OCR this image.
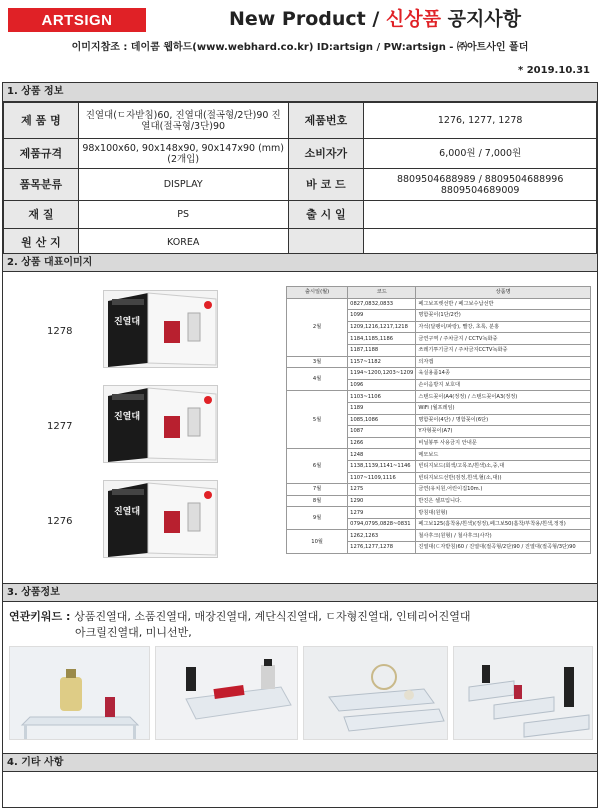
ARTSIGN	New Product / 신상품 공지사항
이미지참조 : 데이콤 웹하드(www.webhard.co.kr) ID:artsign / PW:artsign - ㈜아트사인 폴더
* 2019.10.31
1. 상품 정보
제 품 명	진열대(ㄷ자받침)60, 진열대(절곡형/2단)90 진열대(절곡형/3단)90	제품번호	1276, 1277, 1278
제품규격	98x100x60, 90x148x90, 90x147x90 (mm) (2개입)	소비자가	6,000원 / 7,000원
품목분류	DISPLAY	바 코 드	8809504688989 / 8809504688996 8809504689009
재 질	PS	출 시 일	
원 산 지	KOREA		
2. 상품 대표이미지
1278
진열대
1277
진열대
1276
진열대
출시일(월)	코드	상품명
2월	0827,0832,0833	페그보프렛선반 / 페그보수납선반
	1099	명함꽂이(1단/2칸)
	1209,1216,1217,1218	자석(달팽이/파랑), 빨강, 초록, 분홍
	1184,1185,1186	금연구역 / 주차금지 / CCTV녹화중
	1187,1188	쓰레기투기금지 / 주차금지CCTV녹화중
3월	1157~1182	의자캡
4월	1194~1200,1203~1209	육실용품14종
	1096	손이음방지 보호대
5월	1103~1106	스탠드꽂이(A4(정정) / 스탠드꽂이A3(정정)
	1189	WiFi (월프레임)
	1085,1086	명함꽂이(4단) / 명함꽂이(6단)
	1087	Y자형꽂이(A7)
	1266	비닐봉투 사용금지 안내문
6월	1248	메모보드
	1138,1139,1141~1146	빈티지보드(회색/고목조/흰색)소,중,대
	1107~1109,1116	빈티지보드선반(검정,흰색,혈(소,대))
7월	1275	금연(유치원,어린이집10m.)
8월	1290	반진은 셀프입니다.
9월	1279	방침대(원형)
	0794,0795,0828~0831	페그보125(흡착용/흰색)(정정),페그보50(흡착/부착용/흰색,정정)
10월	1262,1263	철사후크(원형) / 철사후크(사각)
	1276,1277,1278	진열대(ㄷ자받침)60 / 진열대(절곡형/2단)90 / 진열대(절곡형/3단)90
3. 상품정보
연관키워드 : 상품진열대, 소품진열대, 매장진열대, 계단식진열대, ㄷ자형진열대, 인테리어진열대
아크릴진열대, 미니선반,
4. 기타 사항
